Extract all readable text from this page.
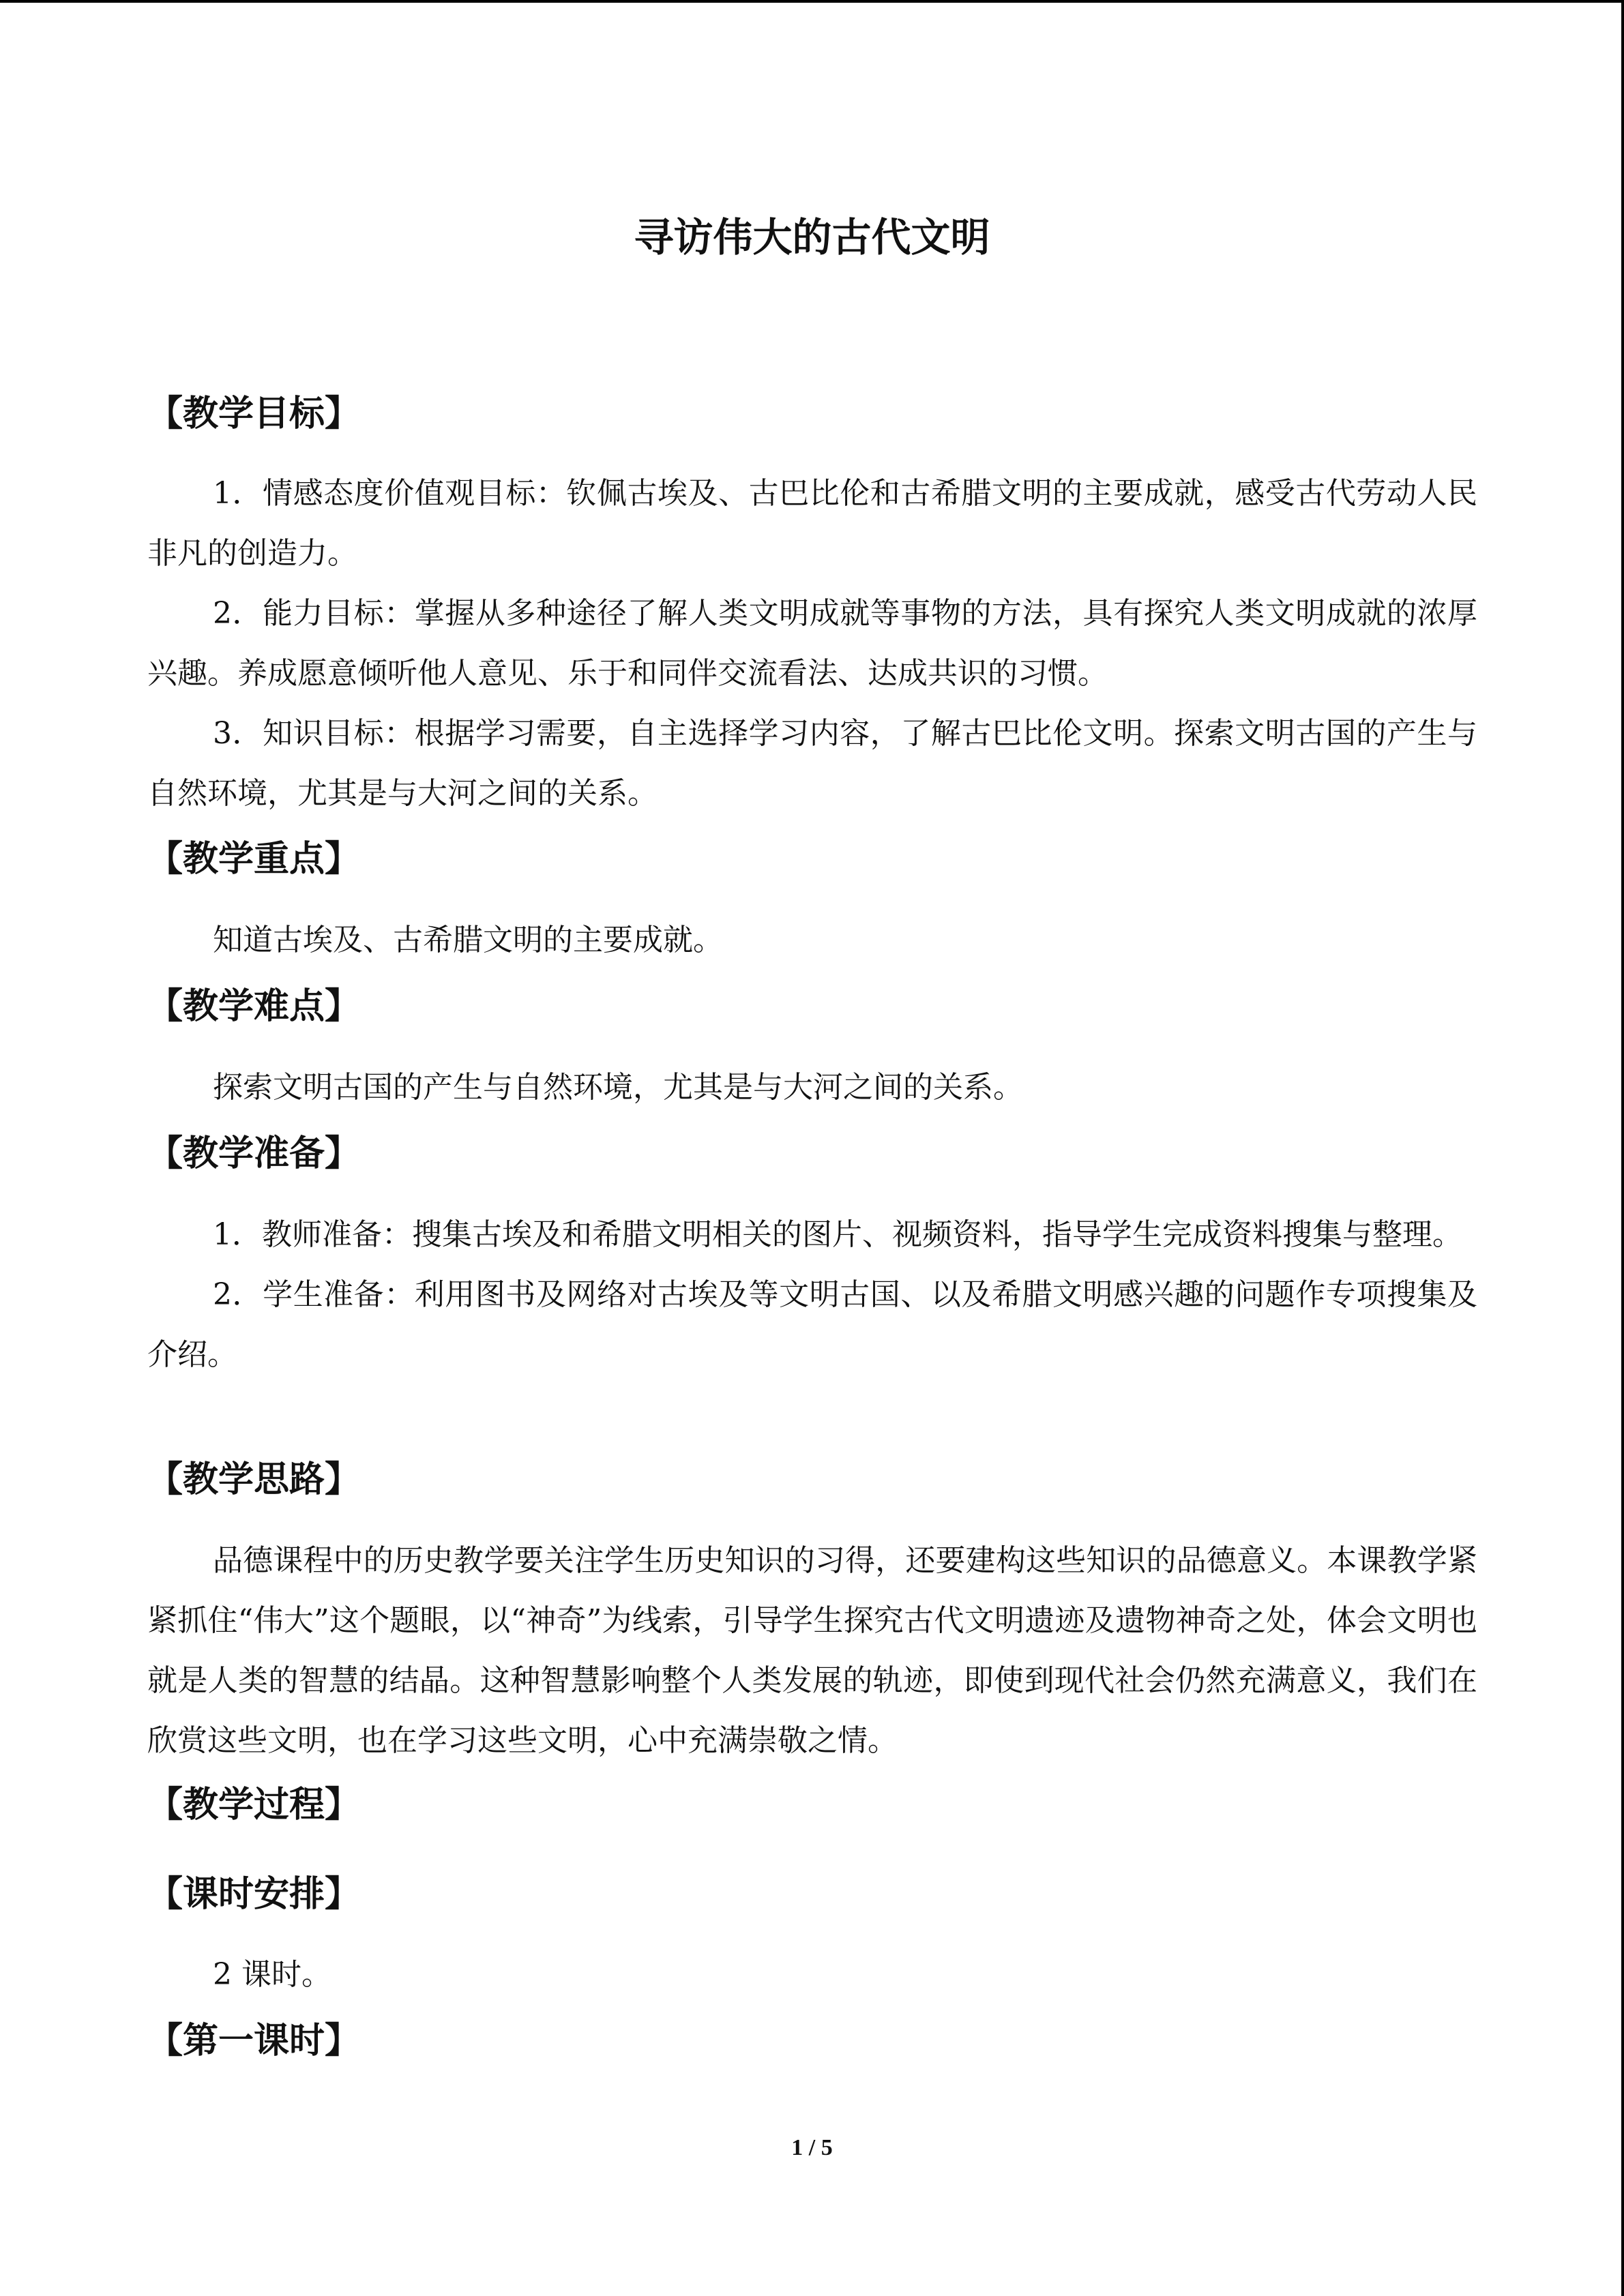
寻访伟大的古代文明
【教学目标】

1．情感态度价值观目标：钦佩古埃及、古巴比伦和古希腊文明的主要成就，感受古代劳动人民非凡的创造力。

2．能力目标：掌握从多种途径了解人类文明成就等事物的方法，具有探究人类文明成就的浓厚兴趣。养成愿意倾听他人意见、乐于和同伴交流看法、达成共识的习惯。

3．知识目标：根据学习需要，自主选择学习内容，了解古巴比伦文明。探索文明古国的产生与自然环境，尤其是与大河之间的关系。

【教学重点】

知道古埃及、古希腊文明的主要成就。

【教学难点】

探索文明古国的产生与自然环境，尤其是与大河之间的关系。

【教学准备】

1．教师准备：搜集古埃及和希腊文明相关的图片、视频资料，指导学生完成资料搜集与整理。

2．学生准备：利用图书及网络对古埃及等文明古国、以及希腊文明感兴趣的问题作专项搜集及介绍。

【教学思路】

品德课程中的历史教学要关注学生历史知识的习得，还要建构这些知识的品德意义。本课教学紧紧抓住“伟大”这个题眼，以“神奇”为线索，引导学生探究古代文明遗迹及遗物神奇之处，体会文明也就是人类的智慧的结晶。这种智慧影响整个人类发展的轨迹，即使到现代社会仍然充满意义，我们在欣赏这些文明，也在学习这些文明，心中充满崇敬之情。

【教学过程】
【课时安排】

2 课时。

【第一课时】
1 / 5
